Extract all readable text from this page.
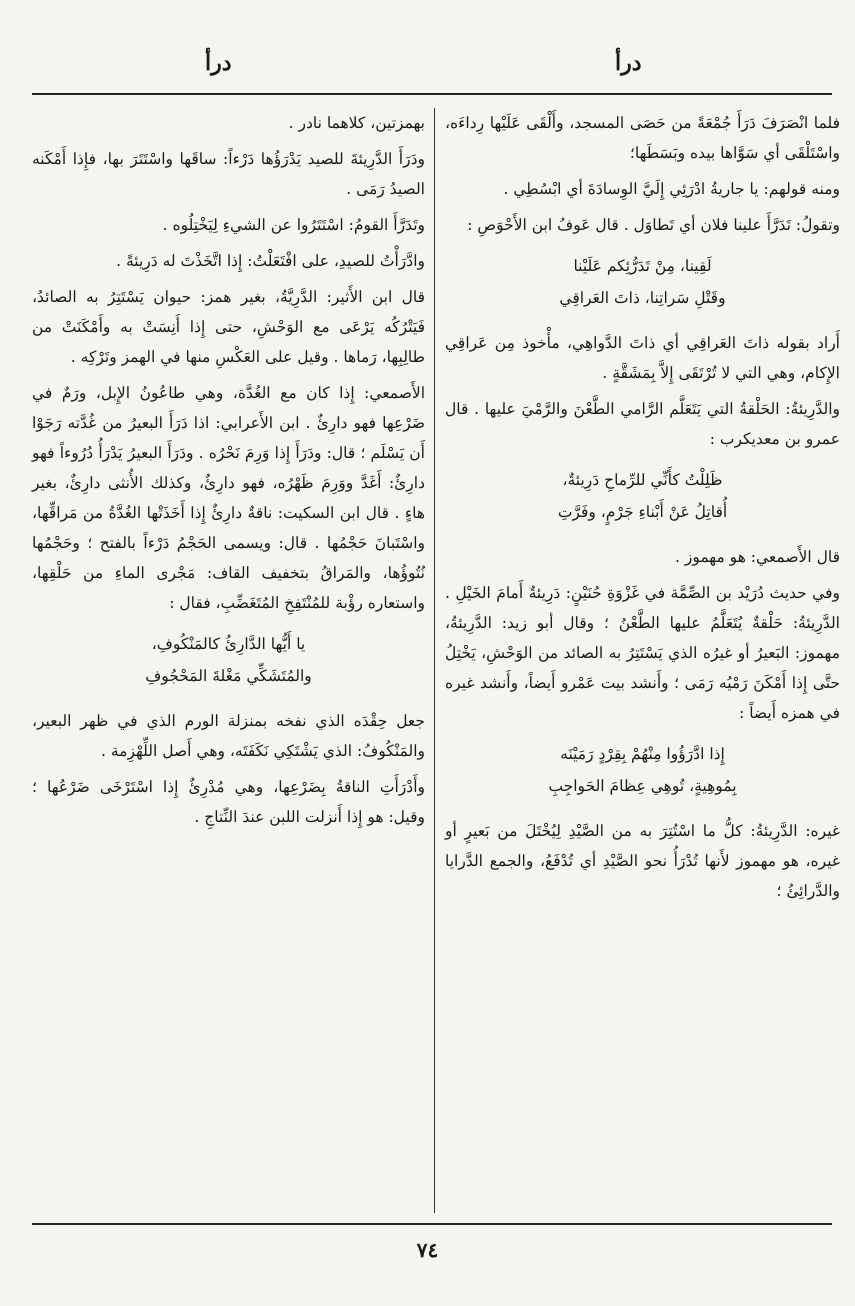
درأ
درأ

فلما انْصَرَفَ دَرَأَ جُمْعَةً من حَصَى المسجد، وأَلْقَى عَلَيْها رِداءَه، واسْتَلْقَى أي سَوَّاها بيده وبَسَطَها؛

ومنه قولهم: يا جاريةُ ادْرَئِي إِلَيَّ الوِسادَةَ أي ابْسُطِي .

وتقولُ: تَدَرَّأَ علينا فلان أي تَطاوَل . قال عَوفُ ابن الأَحْوَصِ :

لَقِينا، مِنْ تَدَرُّئِكم عَلَيْنا
وقَتْلِ سَراتِنا، ذاتَ العَراقِي

أَراد بقوله ذاتَ العَراقِي أي ذاتَ الدَّواهِي، مأْخوذ مِن عَراقِي الإِكام، وهي التي لا تُرْتَقَى إِلاَّ بِمَشَقَّةٍ .

والدَّرِيئةُ: الحَلْقةُ التي يَتَعَلَّم الرَّامي الطَّعْنَ والرَّمْيَ عليها . قال عمرو بن معديكرب :

ظَلِلْتُ كأَنِّي للرِّماحِ دَرِيئةٌ،
أُقاتِلُ عَنْ أَبْناءِ جَرْمٍ، وفَرَّتِ

قال الأَصمعي: هو مهموز .

وفي حديث دُرَيْد بن الصِّمَّة في غَزْوَةِ حُنَيْنٍ: دَرِيئةٌ أَمامَ الخَيْلِ . الدَّرِيئةُ: حَلْقةٌ يُتَعَلَّمُ عليها الطَّعْنُ ؛ وقال أبو زيد: الدَّرِيئةُ، مهموز: البَعيرُ أو غيرُه الذي يَسْتَتِرُ به الصائد من الوَحْشِ، يَخْتِلُ حتَّى إِذا أَمْكَنَ رَمْيُه رَمَى ؛ وأَنشد بيت عَمْرو أَيضاً، وأَنشد غيره في همزه أَيضاً :

إِذا ادَّرَؤُوا مِنْهُمْ بِقِرْدٍ رَمَيْنَه
بِمُوهِيةٍ، تُوهِي عِظامَ الحَواجِبِ

غيره: الدَّرِيئةُ: كلُّ ما اسْتُتِرَ به من الصَّيْدِ لِيُخْتَلَ من بَعيرٍ أو غيره، هو مهموز لأَنها تُدْرَأُ نحو الصَّيْدِ أي تُدْفَعُ، والجمع الدَّرايا والدَّرائِئُ ؛

بهمزتين، كلاهما نادر .

ودَرَأَ الدَّرِيئةَ للصيد يَدْرَؤُها دَرْءاً: ساقَها واسْتَتَرَ بها، فإِذا أَمْكَنه الصيدُ رَمَى .

وتَدَرَّأَ القومُ: اسْتَتَرُوا عن الشيءِ لِيَخْتِلُوه .

وادَّرَأْتُ للصيدِ، على افْتَعَلْتُ: إِذا اتَّخَذْتَ له دَرِيئةً .

قال ابن الأَثير: الدَّرِيَّةُ، بغير همز: حيوان يَسْتَتِرُ به الصائدُ، فَيَتْرُكُه يَرْعَى مع الوَحْشِ، حتى إِذا أَنِسَتْ به وأَمْكَنَتْ من طالِبِها، رَماها . وقيل على العَكْسِ منها في الهمز وتَرْكِه .

الأَصمعي: إِذا كان مع الغُدَّة، وهي طاعُونُ الإِبل، ورَمٌ في ضَرْعِها فهو دارِئٌ . ابن الأَعرابي: اذا دَرَأَ البعيرُ من غُدَّته رَجَوْا أَن يَسْلَم ؛ قال: ودَرَأَ إِذا وَرِمَ نَحْرُه . ودَرَأَ البعيرُ يَدْرَأُ دُرُوءاً فهو دارِئٌ: أَغَدَّ ووَرِمَ ظَهْرُه، فهو دارِئٌ، وكذلك الأُنثى دارِئٌ، بغير هاءٍ . قال ابن السكيت: ناقةٌ دارِئٌ إِذا أَخَذَتْها الغُدَّةُ من مَراقِّها، واسْتَبانَ حَجْمُها . قال: ويسمى الحَجْمُ دَرْءاً بالفتح ؛ وحَجْمُها نُتُوؤُها، والمَراقُ بتخفيف القاف: مَجْرى الماءِ من حَلْقِها، واستعاره رؤْبة للمُنْتَفِخِ المُتَغَضِّبِ، فقال :

يا أَيُّها الدَّارِئُ كالمَنْكُوفِ،
والمُتَشَكِّي مَغْلةَ المَحْجُوفِ

جعل حِقْدَه الذي نفخه بمنزلة الورم الذي في ظهر البعير، والمَنْكُوفُ: الذي يَشْتَكِي نَكَفَتَه، وهي أَصل اللِّهْزِمة .

وأَدْرَأَتِ الناقةُ بِضَرْعِها، وهي مُدْرِئٌ إِذا اسْتَرْخَى ضَرْعُها ؛ وقيل: هو إِذا أَنزلت اللبن عندَ النِّتاجِ .

٧٤
